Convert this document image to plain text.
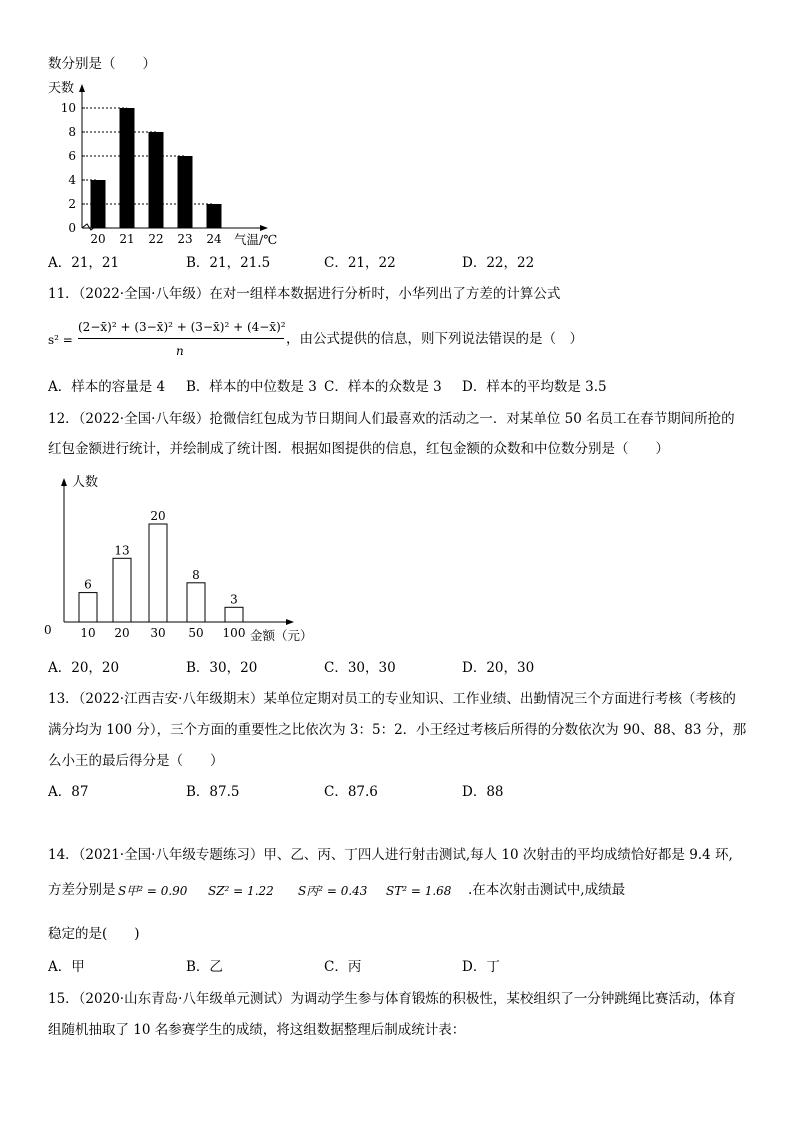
数分别是（　　）
天数
0
2
4
6
8
10
20 21 22 23 24 气温/℃
A．21，21	B．21，21.5	C．21，22	D．22，22
11．（2022·全国·八年级）在对一组样本数据进行分析时，小华列出了方差的计算公式
s² =
(2−x̄)² + (3−x̄)² + (3−x̄)² + (4−x̄)²
n
，由公式提供的信息，则下列说法错误的是（　）
A．样本的容量是 4 B．样本的中位数是 3 C．样本的众数是 3 D．样本的平均数是 3.5
12．（2022·全国·八年级）抢微信红包成为节日期间人们最喜欢的活动之一．对某单位 50 名员工在春节期间所抢的
红包金额进行统计，并绘制成了统计图．根据如图提供的信息，红包金额的众数和中位数分别是（　　）
人数
0
6
10
13
20
20
30
8
50
3
100 金额（元）
A．20，20	B．30，20	C．30，30	D．20，30
13．（2022·江西吉安·八年级期末）某单位定期对员工的专业知识、工作业绩、出勤情况三个方面进行考核（考核的
满分均为 100 分），三个方面的重要性之比依次为 3：5：2．小王经过考核后所得的分数依次为 90、88、83 分，那
么小王的最后得分是（　　）
A．87	B．87.5	C．87.6	D．88
14．（2021·全国·八年级专题练习）甲、乙、丙、丁四人进行射击测试,每人 10 次射击的平均成绩恰好都是 9.4 环,
方差分别是 S甲² = 0.90 SZ² = 1.22 S丙² = 0.43 ST² = 1.68 .在本次射击测试中,成绩最
稳定的是(　　)
A．甲	B．乙	C．丙	D．丁
15．（2020·山东青岛·八年级单元测试）为调动学生参与体育锻炼的积极性，某校组织了一分钟跳绳比赛活动，体育
组随机抽取了 10 名参赛学生的成绩，将这组数据整理后制成统计表：
